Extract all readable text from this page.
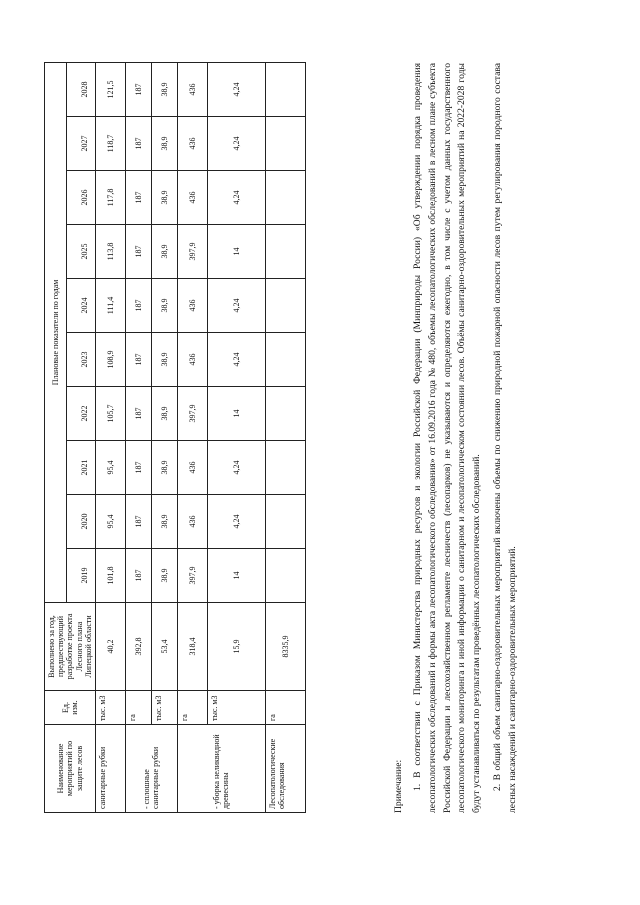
Наименование мероприятий по защите лесов	Ед. изм.	Выполнено за год, предшествующий разработке проекта Лесного плана Липецкой области	Плановые показатели по годам									
			2019	2020	2021	2022	2023	2024	2025	2026	2027	2028
санитарные рубки	тыс. м3	40,2	101,8	95,4	95,4	105,7	108,9	111,4	113,8	117,8	118,7	121,5
- сплошные санитарные рубки	га	392,8	187	187	187	187	187	187	187	187	187	187
	тыс. м3	53,4	38,9	38,9	38,9	38,9	38,9	38,9	38,9	38,9	38,9	38,9
- уборка неликвидной древесины	га	318,4	397,9	436	436	397,9	436	436	397,9	436	436	436
	тыс. м3	15,9	14	4,24	4,24	14	4,24	4,24	14	4,24	4,24	4,24
Лесопатологические обследования	га	8335,9										
Примечание: 1. В соответствии с Приказом Министерства природных ресурсов и экологии Российской Федерации (Минприроды России) «Об утверждении порядка проведения лесопатологических обследований и формы акта лесопатологического обследования» от 16.09.2016 года № 480, объемы лесопатологических обследований в лесном плане субъекта Российской Федерации и лесохозяйственном регламенте лесничеств (лесопарков) не указываются и определяются ежегодно, в том числе с учетом данных государственного лесопатологического мониторинга и иной информации о санитарном и лесопатологическом состоянии лесов. Объёмы санитарно-оздоровительных мероприятий на 2022-2028 годы будут устанавливаться по результатам проведённых лесопатологических обследований. 2. В общий объем санитарно-оздоровительных мероприятий включены объемы по снижению природной пожарной опасности лесов путем регулирования породного состава лесных насаждений и санитарно-оздоровительных мероприятий.
